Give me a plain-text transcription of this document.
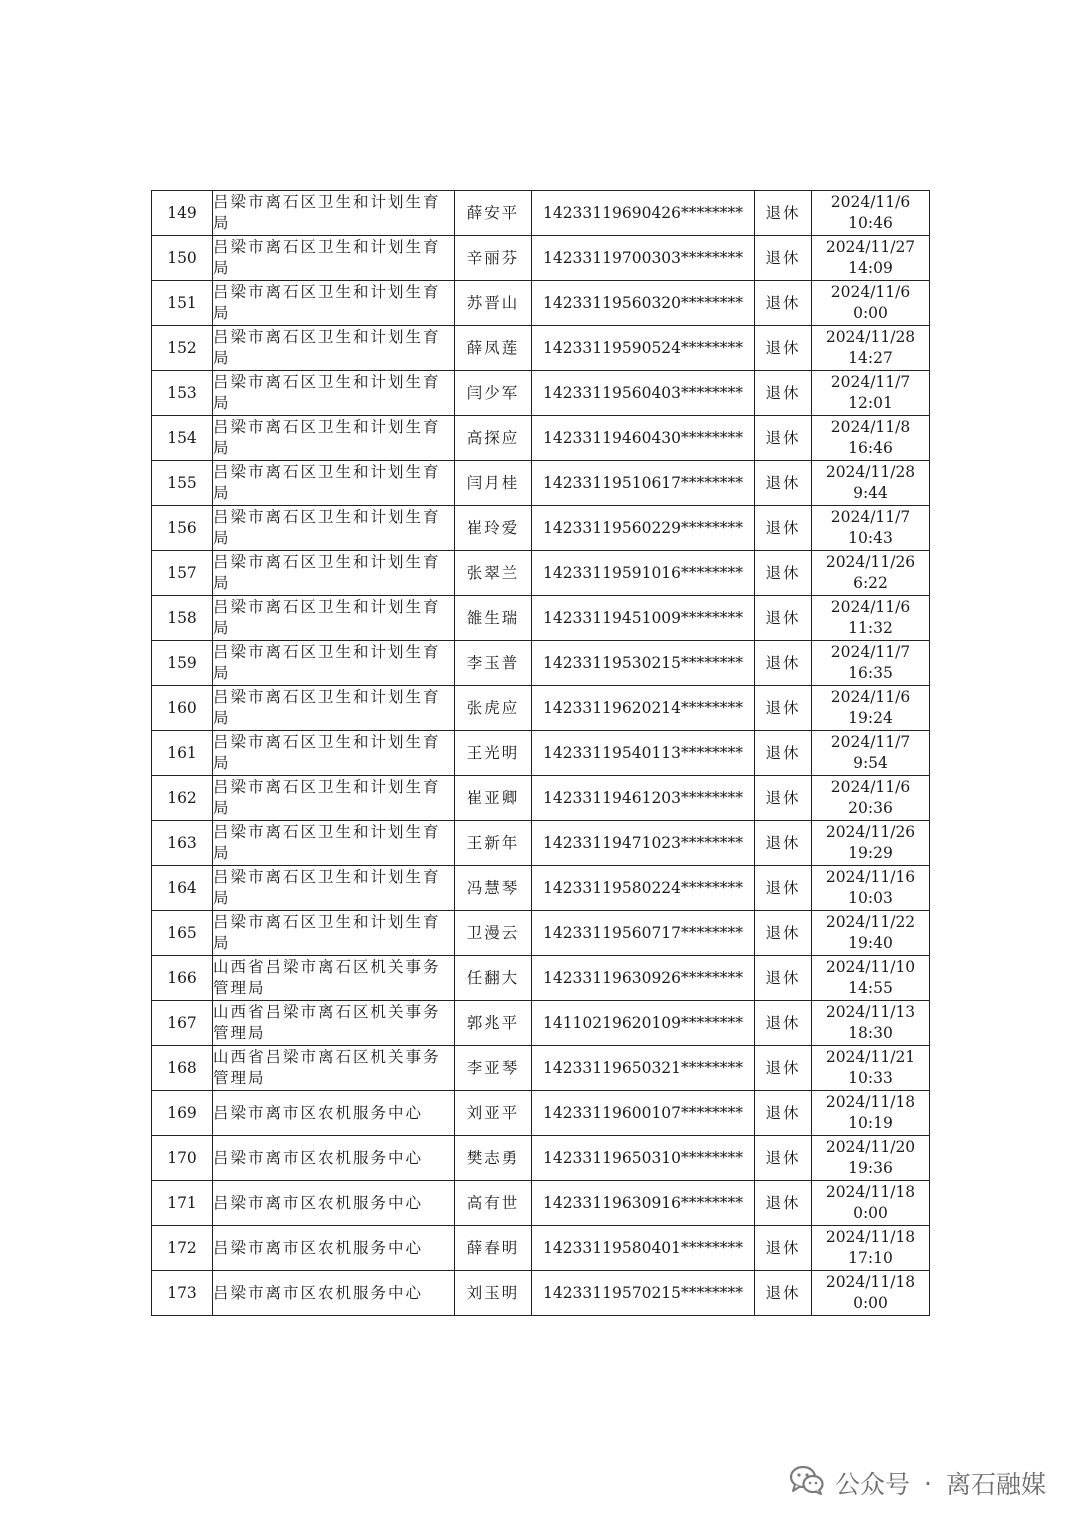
149	吕梁市离石区卫生和计划生育局	薛安平	14233119690426********	退休	2024/11/6
10:46

150	吕梁市离石区卫生和计划生育局	辛丽芬	14233119700303********	退休	2024/11/27
14:09

151	吕梁市离石区卫生和计划生育局	苏晋山	14233119560320********	退休	2024/11/6
0:00

152	吕梁市离石区卫生和计划生育局	薛凤莲	14233119590524********	退休	2024/11/28
14:27

153	吕梁市离石区卫生和计划生育局	闫少军	14233119560403********	退休	2024/11/7
12:01

154	吕梁市离石区卫生和计划生育局	高探应	14233119460430********	退休	2024/11/8
16:46

155	吕梁市离石区卫生和计划生育局	闫月桂	14233119510617********	退休	2024/11/28
9:44

156	吕梁市离石区卫生和计划生育局	崔玲爱	14233119560229********	退休	2024/11/7
10:43

157	吕梁市离石区卫生和计划生育局	张翠兰	14233119591016********	退休	2024/11/26
6:22

158	吕梁市离石区卫生和计划生育局	雒生瑞	14233119451009********	退休	2024/11/6
11:32

159	吕梁市离石区卫生和计划生育局	李玉普	14233119530215********	退休	2024/11/7
16:35

160	吕梁市离石区卫生和计划生育局	张虎应	14233119620214********	退休	2024/11/6
19:24

161	吕梁市离石区卫生和计划生育局	王光明	14233119540113********	退休	2024/11/7
9:54

162	吕梁市离石区卫生和计划生育局	崔亚卿	14233119461203********	退休	2024/11/6
20:36

163	吕梁市离石区卫生和计划生育局	王新年	14233119471023********	退休	2024/11/26
19:29

164	吕梁市离石区卫生和计划生育局	冯慧琴	14233119580224********	退休	2024/11/16
10:03

165	吕梁市离石区卫生和计划生育局	卫漫云	14233119560717********	退休	2024/11/22
19:40

166	山西省吕梁市离石区机关事务管理局	任翻大	14233119630926********	退休	2024/11/10
14:55

167	山西省吕梁市离石区机关事务管理局	郭兆平	14110219620109********	退休	2024/11/13
18:30

168	山西省吕梁市离石区机关事务管理局	李亚琴	14233119650321********	退休	2024/11/21
10:33

169	吕梁市离市区农机服务中心	刘亚平	14233119600107********	退休	2024/11/18
10:19

170	吕梁市离市区农机服务中心	樊志勇	14233119650310********	退休	2024/11/20
19:36

171	吕梁市离市区农机服务中心	高有世	14233119630916********	退休	2024/11/18
0:00

172	吕梁市离市区农机服务中心	薛春明	14233119580401********	退休	2024/11/18
17:10

173	吕梁市离市区农机服务中心	刘玉明	14233119570215********	退休	2024/11/18
0:00
公众号 · 离石融媒
